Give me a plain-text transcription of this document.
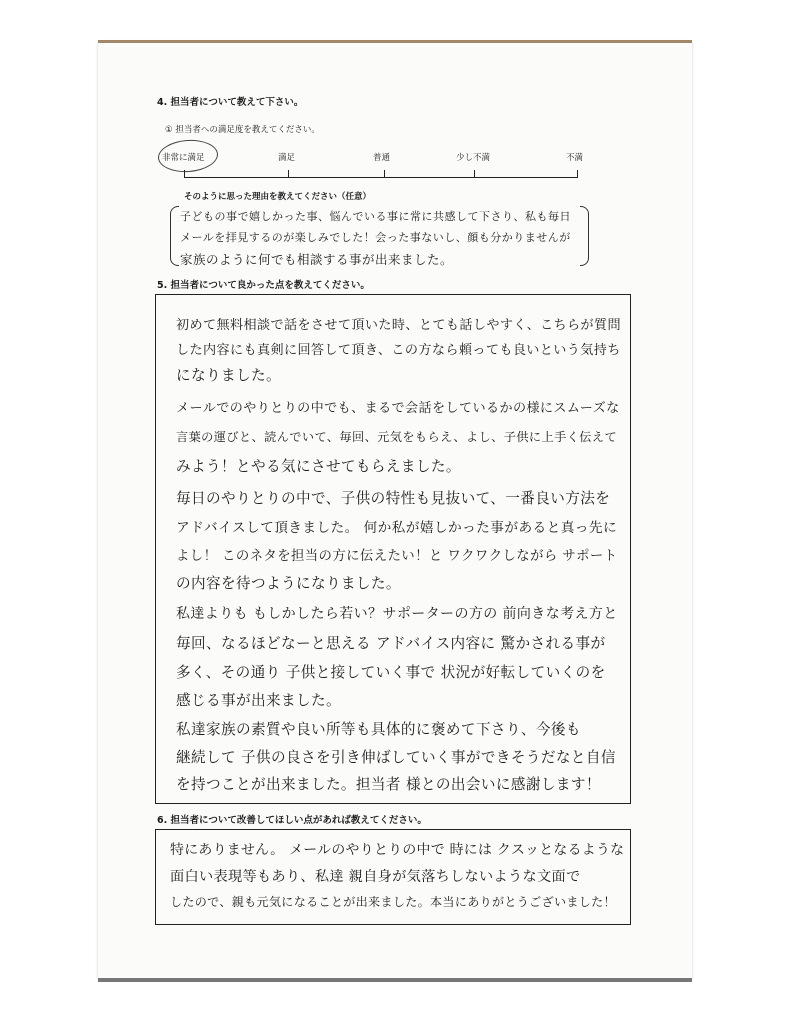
4. 担当者について教えて下さい。
① 担当者への満足度を教えてください。
非常に満足	満足	普通	少し不満	不満
そのように思った理由を教えてください（任意）
子どもの事で嬉しかった事、悩んでいる事に常に共感して下さり、私も毎日
メールを拝見するのが楽しみでした！会った事ないし、顔も分かりませんが
家族のように何でも相談する事が出来ました。
5. 担当者について良かった点を教えてください。
初めて無料相談で話をさせて頂いた時、とても話しやすく、こちらが質問
した内容にも真剣に回答して頂き、この方なら頼っても良いという気持ち
になりました。
メールでのやりとりの中でも、まるで会話をしているかの様にスムーズな
言葉の運びと、読んでいて、毎回、元気をもらえ、よし、子供に上手く伝えて
みよう！とやる気にさせてもらえました。
毎日のやりとりの中で、子供の特性も見抜いて、一番良い方法を
アドバイスして頂きました。 何か私が嬉しかった事があると真っ先に
よし！ このネタを担当の方に伝えたい！と ワクワクしながら サポート
の内容を待つようになりました。
私達よりも もしかしたら若い？サポーターの方の 前向きな考え方と
毎回、なるほどなーと思える アドバイス内容に 驚かされる事が
多く、その通り 子供と接していく事で 状況が好転していくのを
感じる事が出来ました。
私達家族の素質や良い所等も具体的に褒めて下さり、今後も
継続して 子供の良さを引き伸ばしていく事ができそうだなと自信
を持つことが出来ました。担当者 様との出会いに感謝します！
6. 担当者について改善してほしい点があれば教えてください。
特にありません。 メールのやりとりの中で 時には クスッとなるような
面白い表現等もあり、私達 親自身が気落ちしないような文面で
したので、親も元気になることが出来ました。本当にありがとうございました！
